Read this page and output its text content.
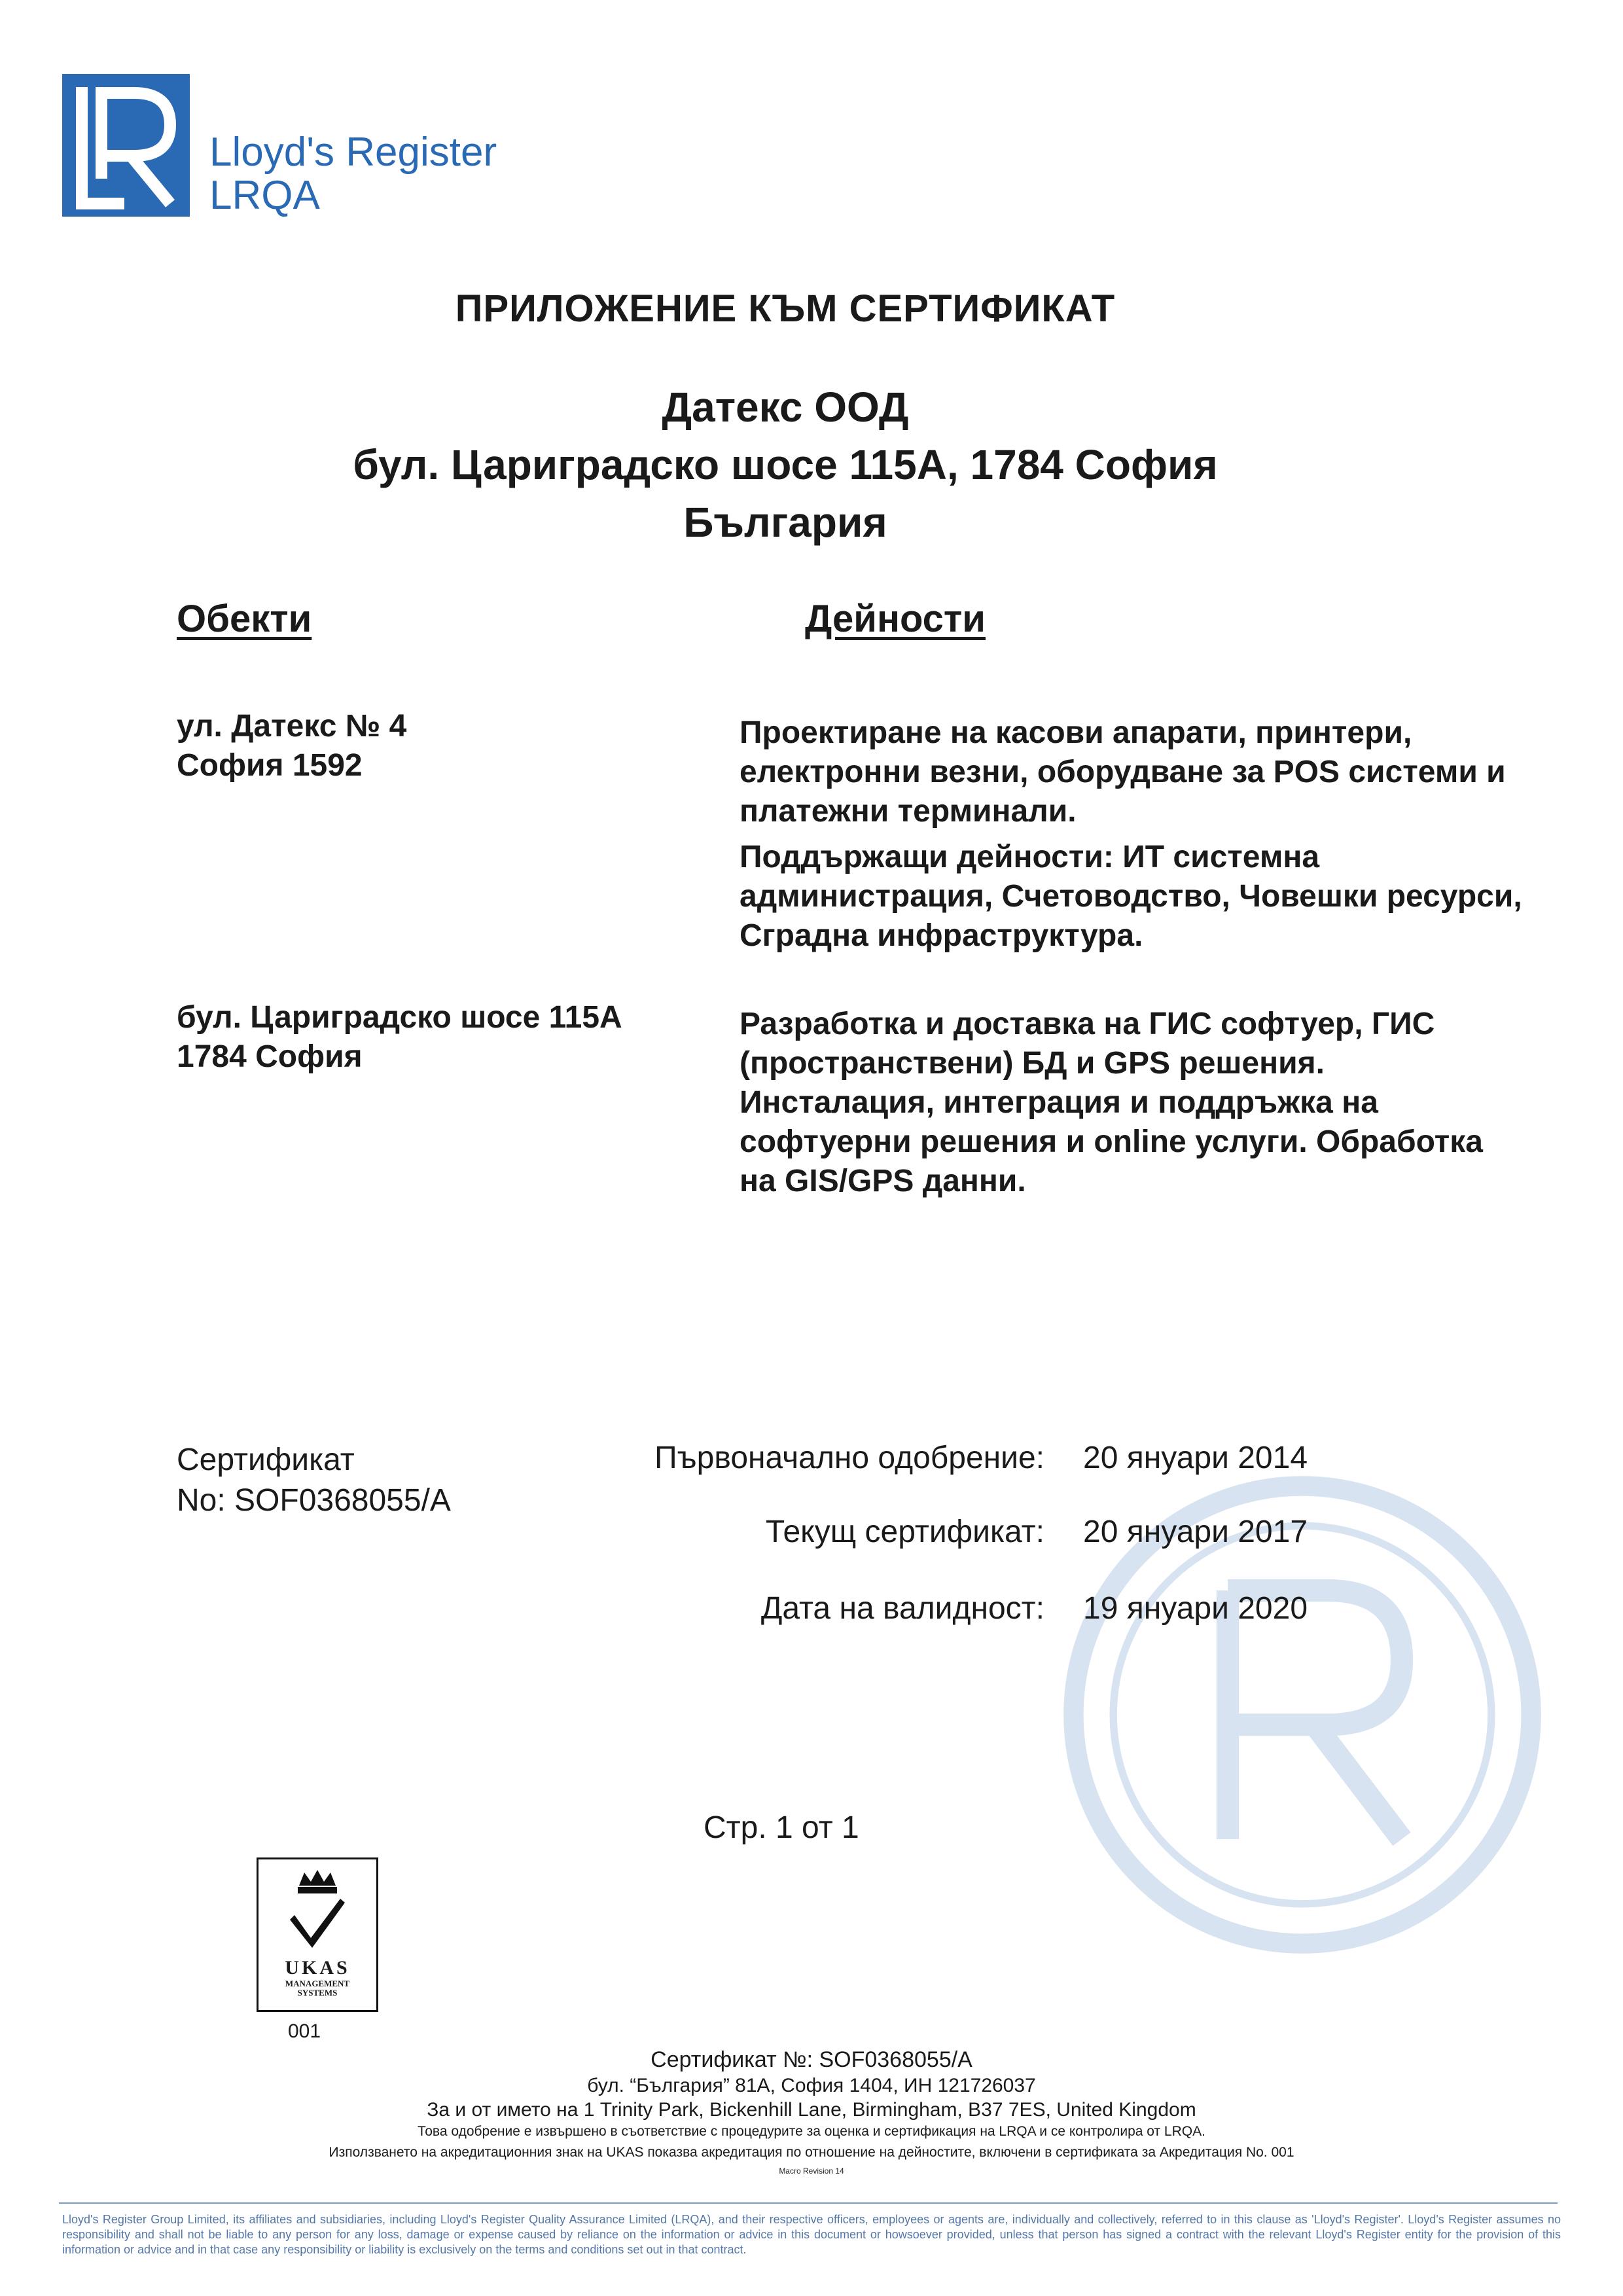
Lloyd's Register
LRQA
ПРИЛОЖЕНИЕ КЪМ СЕРТИФИКАТ
Датекс ООД
бул. Цариградско шосе 115A, 1784 София
България
Обекти	Дейности
ул. Датекс № 4
София 1592

Проектиране на касови апарати, принтери, електронни везни, оборудване за POS системи и платежни терминали.

Поддържащи дейности: ИТ системна администрация, Счетоводство, Човешки ресурси, Сградна инфраструктура.

бул. Цариградско шосе 115A
1784 София

Разработка и доставка на ГИС софтуер, ГИС (пространствени) БД и GPS решения. Инсталация, интеграция и поддръжка на софтуерни решения и online услуги. Обработка на GIS/GPS данни.

Сертификат
No: SOF0368055/A
Първоначално одобрение: 20 януари 2014
Текущ сертификат: 20 януари 2017
Дата на валидност: 19 януари 2020
Стр. 1 от 1
UKAS
MANAGEMENT
SYSTEMS
001
Сертификат №: SOF0368055/A
бул. “България” 81А, София 1404, ИН 121726037
За и от името на 1 Trinity Park, Bickenhill Lane, Birmingham, B37 7ES, United Kingdom
Това одобрение е извършено в съответствие с процедурите за оценка и сертификация на LRQA и се контролира от LRQA.
Използването на акредитационния знак на UKAS показва акредитация по отношение на дейностите, включени в сертификата за Акредитация No. 001
Macro Revision 14
Lloyd's Register Group Limited, its affiliates and subsidiaries, including Lloyd's Register Quality Assurance Limited (LRQA), and their respective officers, employees or agents are, individually and collectively, referred to in this clause as 'Lloyd's Register'. Lloyd's Register assumes no responsibility and shall not be liable to any person for any loss, damage or expense caused by reliance on the information or advice in this document or howsoever provided, unless that person has signed a contract with the relevant Lloyd's Register entity for the provision of this information or advice and in that case any responsibility or liability is exclusively on the terms and conditions set out in that contract.
